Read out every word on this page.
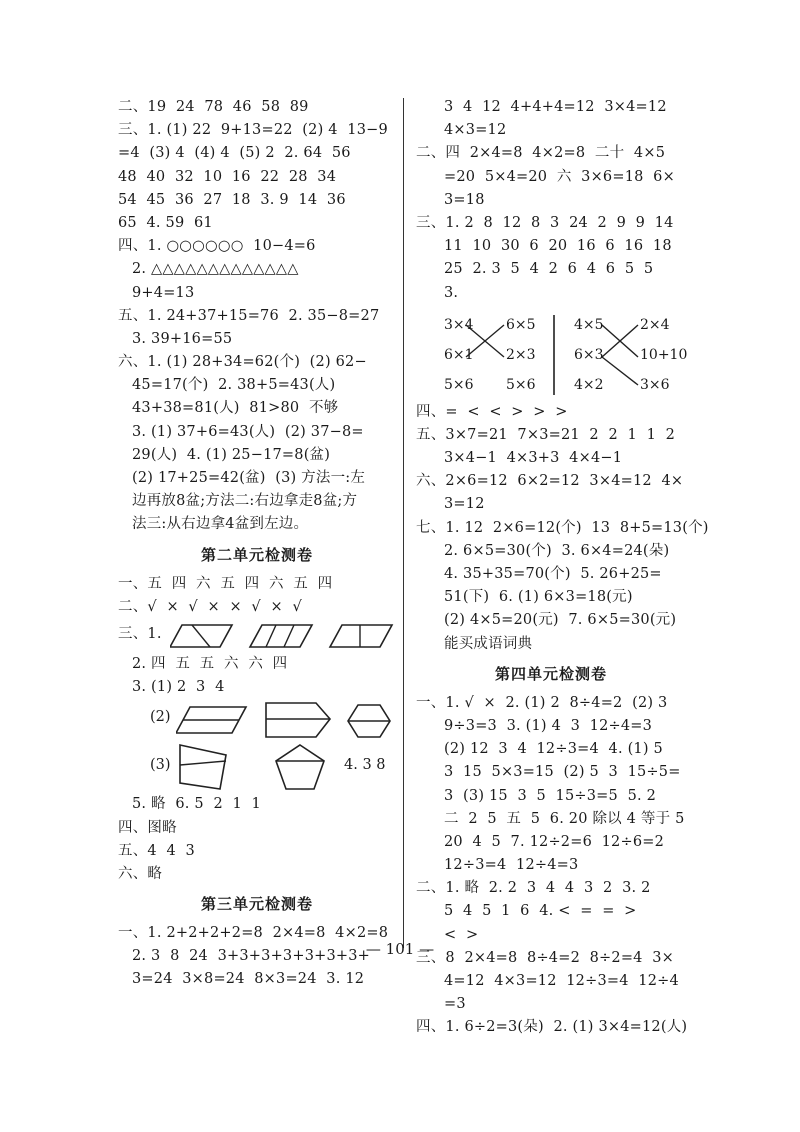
二、19  24  78  46  58  89
三、1. (1) 22  9+13=22  (2) 4  13−9
=4  (3) 4  (4) 4  (5) 2  2. 64  56
48  40  32  10  16  22  28  34
54  45  36  27  18  3. 9  14  36
65  4. 59  61
四、1. ○○○○○○  10−4=6
2. △△△△△△△△△△△△△
9+4=13
五、1. 24+37+15=76  2. 35−8=27
3. 39+16=55
六、1. (1) 28+34=62(个)  (2) 62−
45=17(个)  2. 38+5=43(人)
43+38=81(人)  81>80  不够
3. (1) 37+6=43(人)  (2) 37−8=
29(人)  4. (1) 25−17=8(盆)
(2) 17+25=42(盆)  (3) 方法一:左
边再放8盆;方法二:右边拿走8盆;方
法三:从右边拿4盆到左边。
第二单元检测卷
一、五  四  六  五  四  六  五  四
二、√  ×  √  ×  ×  √  ×  √
三、1.
2. 四  五  五  六  六  四
3. (1) 2  3  4
(2)
(3)	4. 3 8
5. 略  6. 5  2  1  1
四、图略
五、4  4  3
六、略
第三单元检测卷
一、1. 2+2+2+2=8  2×4=8  4×2=8
2. 3  8  24  3+3+3+3+3+3+3+
3=24  3×8=24  8×3=24  3. 12
3  4  12  4+4+4=12  3×4=12
4×3=12
二、四  2×4=8  4×2=8  二十  4×5
=20  5×4=20  六  3×6=18  6×
3=18
三、1. 2  8  12  8  3  24  2  9  9  14
11  10  30  6  20  16  6  16  18
25  2. 3  5  4  2  6  4  6  5  5
3.
3×4
6×1
5×6
6×5
2×3
5×6
4×5
6×3
4×2
2×4
10+10
3×6
四、=  <  <  >  >  >
五、3×7=21  7×3=21  2  2  1  1  2
3×4−1  4×3+3  4×4−1
六、2×6=12  6×2=12  3×4=12  4×
3=12
七、1. 12  2×6=12(个)  13  8+5=13(个)
2. 6×5=30(个)  3. 6×4=24(朵)
4. 35+35=70(个)  5. 26+25=
51(下)  6. (1) 6×3=18(元)
(2) 4×5=20(元)  7. 6×5=30(元)
能买成语词典
第四单元检测卷
一、1. √  ×  2. (1) 2  8÷4=2  (2) 3
9÷3=3  3. (1) 4  3  12÷4=3
(2) 12  3  4  12÷3=4  4. (1) 5
3  15  5×3=15  (2) 5  3  15÷5=
3  (3) 15  3  5  15÷3=5  5. 2
二  2  5  五  5  6. 20 除以 4 等于 5
20  4  5  7. 12÷2=6  12÷6=2
12÷3=4  12÷4=3
二、1. 略  2. 2  3  4  4  3  2  3. 2
5  4  5  1  6  4. <  =  =  >
<  >
三、8  2×4=8  8÷4=2  8÷2=4  3×
4=12  4×3=12  12÷3=4  12÷4
=3
四、1. 6÷2=3(朵)  2. (1) 3×4=12(人)
— 101 —
